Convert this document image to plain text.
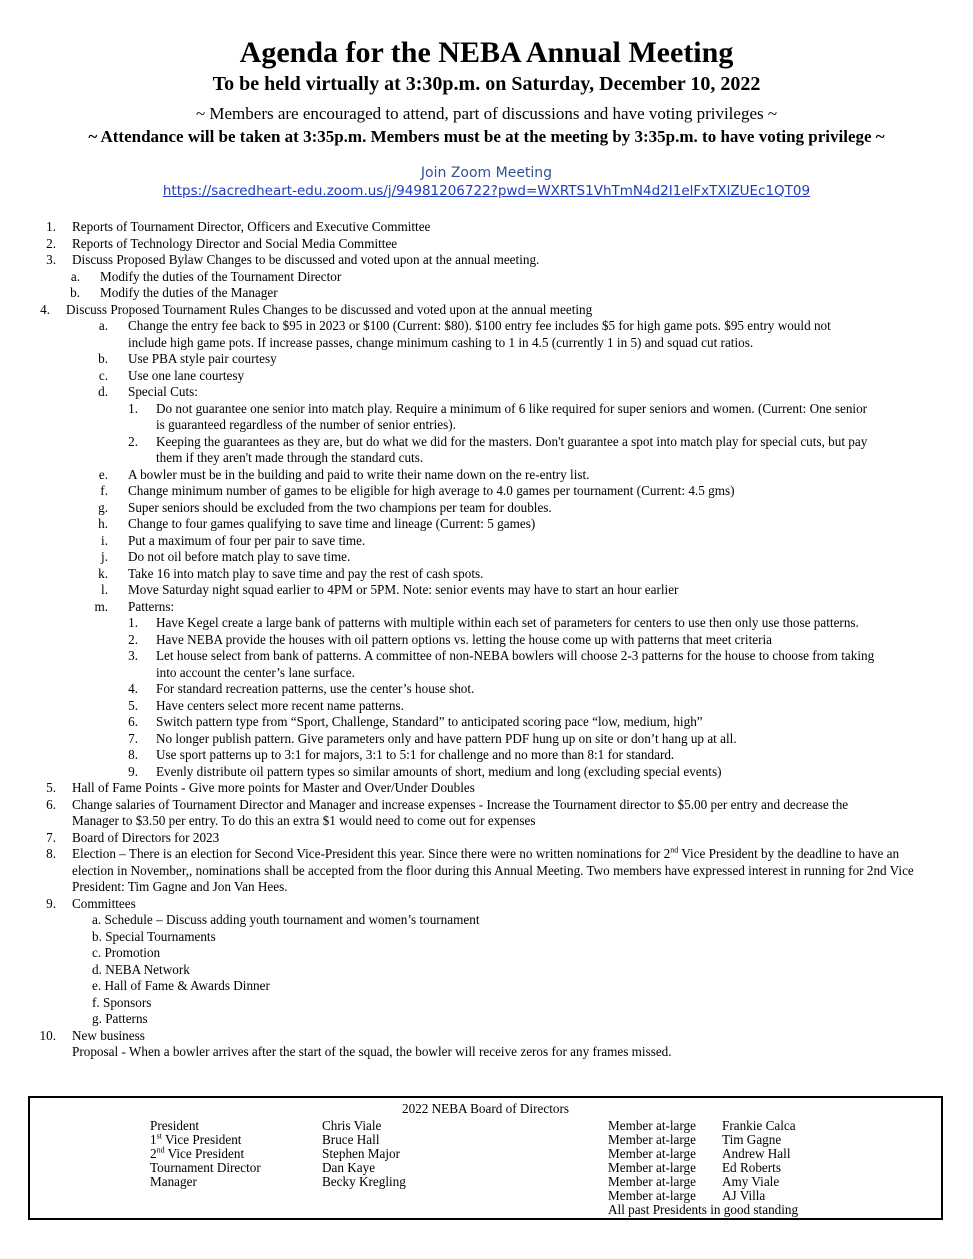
Agenda for the NEBA Annual Meeting
To be held virtually at 3:30p.m. on Saturday, December 10, 2022
~ Members are encouraged to attend, part of discussions and have voting privileges ~
~ Attendance will be taken at 3:35p.m. Members must be at the meeting by 3:35p.m. to have voting privilege ~
Join Zoom Meeting
https://sacredheart-edu.zoom.us/j/94981206722?pwd=WXRTS1VhTmN4d2I1elFxTXlZUEc1QT09
1. Reports of Tournament Director, Officers and Executive Committee
2. Reports of Technology Director and Social Media Committee
3. Discuss Proposed Bylaw Changes to be discussed and voted upon at the annual meeting.
a. Modify the duties of the Tournament Director
b. Modify the duties of the Manager
4. Discuss Proposed Tournament Rules Changes to be discussed and voted upon at the annual meeting
a. Change the entry fee back to $95 in 2023 or $100 (Current: $80). $100 entry fee includes $5 for high game pots. $95 entry would not
include high game pots. If increase passes, change minimum cashing to 1 in 4.5 (currently 1 in 5) and squad cut ratios.
b. Use PBA style pair courtesy
c. Use one lane courtesy
d. Special Cuts:
1. Do not guarantee one senior into match play. Require a minimum of 6 like required for super seniors and women. (Current: One senior
is guaranteed regardless of the number of senior entries).
2. Keeping the guarantees as they are, but do what we did for the masters. Don't guarantee a spot into match play for special cuts, but pay
them if they aren't made through the standard cuts.
e. A bowler must be in the building and paid to write their name down on the re-entry list.
f. Change minimum number of games to be eligible for high average to 4.0 games per tournament (Current: 4.5 gms)
g. Super seniors should be excluded from the two champions per team for doubles.
h. Change to four games qualifying to save time and lineage (Current: 5 games)
i. Put a maximum of four per pair to save time.
j. Do not oil before match play to save time.
k. Take 16 into match play to save time and pay the rest of cash spots.
l. Move Saturday night squad earlier to 4PM or 5PM. Note: senior events may have to start an hour earlier
m. Patterns:
1. Have Kegel create a large bank of patterns with multiple within each set of parameters for centers to use then only use those patterns.
2. Have NEBA provide the houses with oil pattern options vs. letting the house come up with patterns that meet criteria
3. Let house select from bank of patterns. A committee of non-NEBA bowlers will choose 2-3 patterns for the house to choose from taking
into account the center’s lane surface.
4. For standard recreation patterns, use the center’s house shot.
5. Have centers select more recent name patterns.
6. Switch pattern type from “Sport, Challenge, Standard” to anticipated scoring pace “low, medium, high”
7. No longer publish pattern. Give parameters only and have pattern PDF hung up on site or don’t hang up at all.
8. Use sport patterns up to 3:1 for majors, 3:1 to 5:1 for challenge and no more than 8:1 for standard.
9. Evenly distribute oil pattern types so similar amounts of short, medium and long (excluding special events)
5. Hall of Fame Points - Give more points for Master and Over/Under Doubles
6. Change salaries of Tournament Director and Manager and increase expenses - Increase the Tournament director to $5.00 per entry and decrease the
Manager to $3.50 per entry. To do this an extra $1 would need to come out for expenses
7. Board of Directors for 2023
8. Election – There is an election for Second Vice-President this year. Since there were no written nominations for 2nd Vice President by the deadline to have an
election in November,, nominations shall be accepted from the floor during this Annual Meeting. Two members have expressed interest in running for 2nd Vice
President: Tim Gagne and Jon Van Hees.
9. Committees
a. Schedule – Discuss adding youth tournament and women’s tournament
b. Special Tournaments
c. Promotion
d. NEBA Network
e. Hall of Fame & Awards Dinner
f. Sponsors
g. Patterns
10. New business
Proposal - When a bowler arrives after the start of the squad, the bowler will receive zeros for any frames missed.
2022 NEBA Board of Directors
President
1st Vice President
2nd Vice President
Tournament Director
Manager
Chris Viale
Bruce Hall
Stephen Major
Dan Kaye
Becky Kregling
Member at-large
Member at-large
Member at-large
Member at-large
Member at-large
Member at-large
All past Presidents in good standing
Frankie Calca
Tim Gagne
Andrew Hall
Ed Roberts
Amy Viale
AJ Villa
